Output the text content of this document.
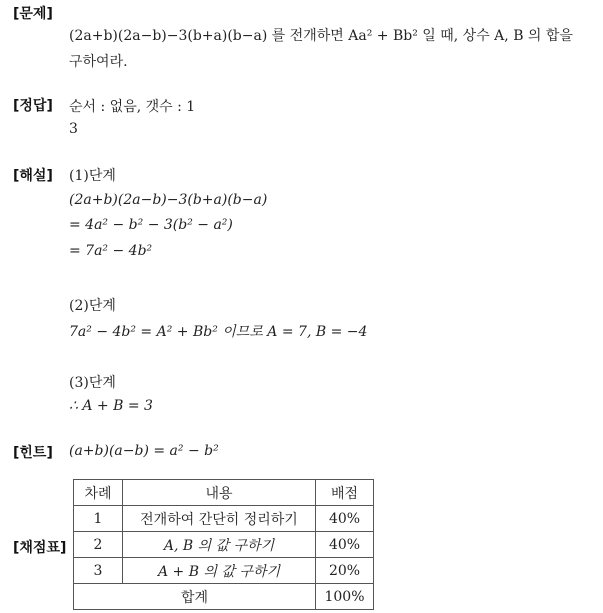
[문제]
(2a+b)(2a−b)−3(b+a)(b−a) 를 전개하면 Aa² + Bb² 일 때, 상수 A, B 의 합을
구하여라.
[정답] 순서 : 없음, 갯수 : 1
3
[해설] (1)단계
(2a+b)(2a−b)−3(b+a)(b−a)
= 4a² − b² − 3(b² − a²)
= 7a² − 4b²
(2)단계
7a² − 4b² = A² + Bb² 이므로 A = 7, B = −4
(3)단계
∴ A + B = 3
[힌트] (a+b)(a−b) = a² − b²
[채점표]
차례	내용	배점
1	전개하여 간단히 정리하기	40%
2	A, B 의 값 구하기	40%
3	A + B 의 값 구하기	20%
합계		100%
